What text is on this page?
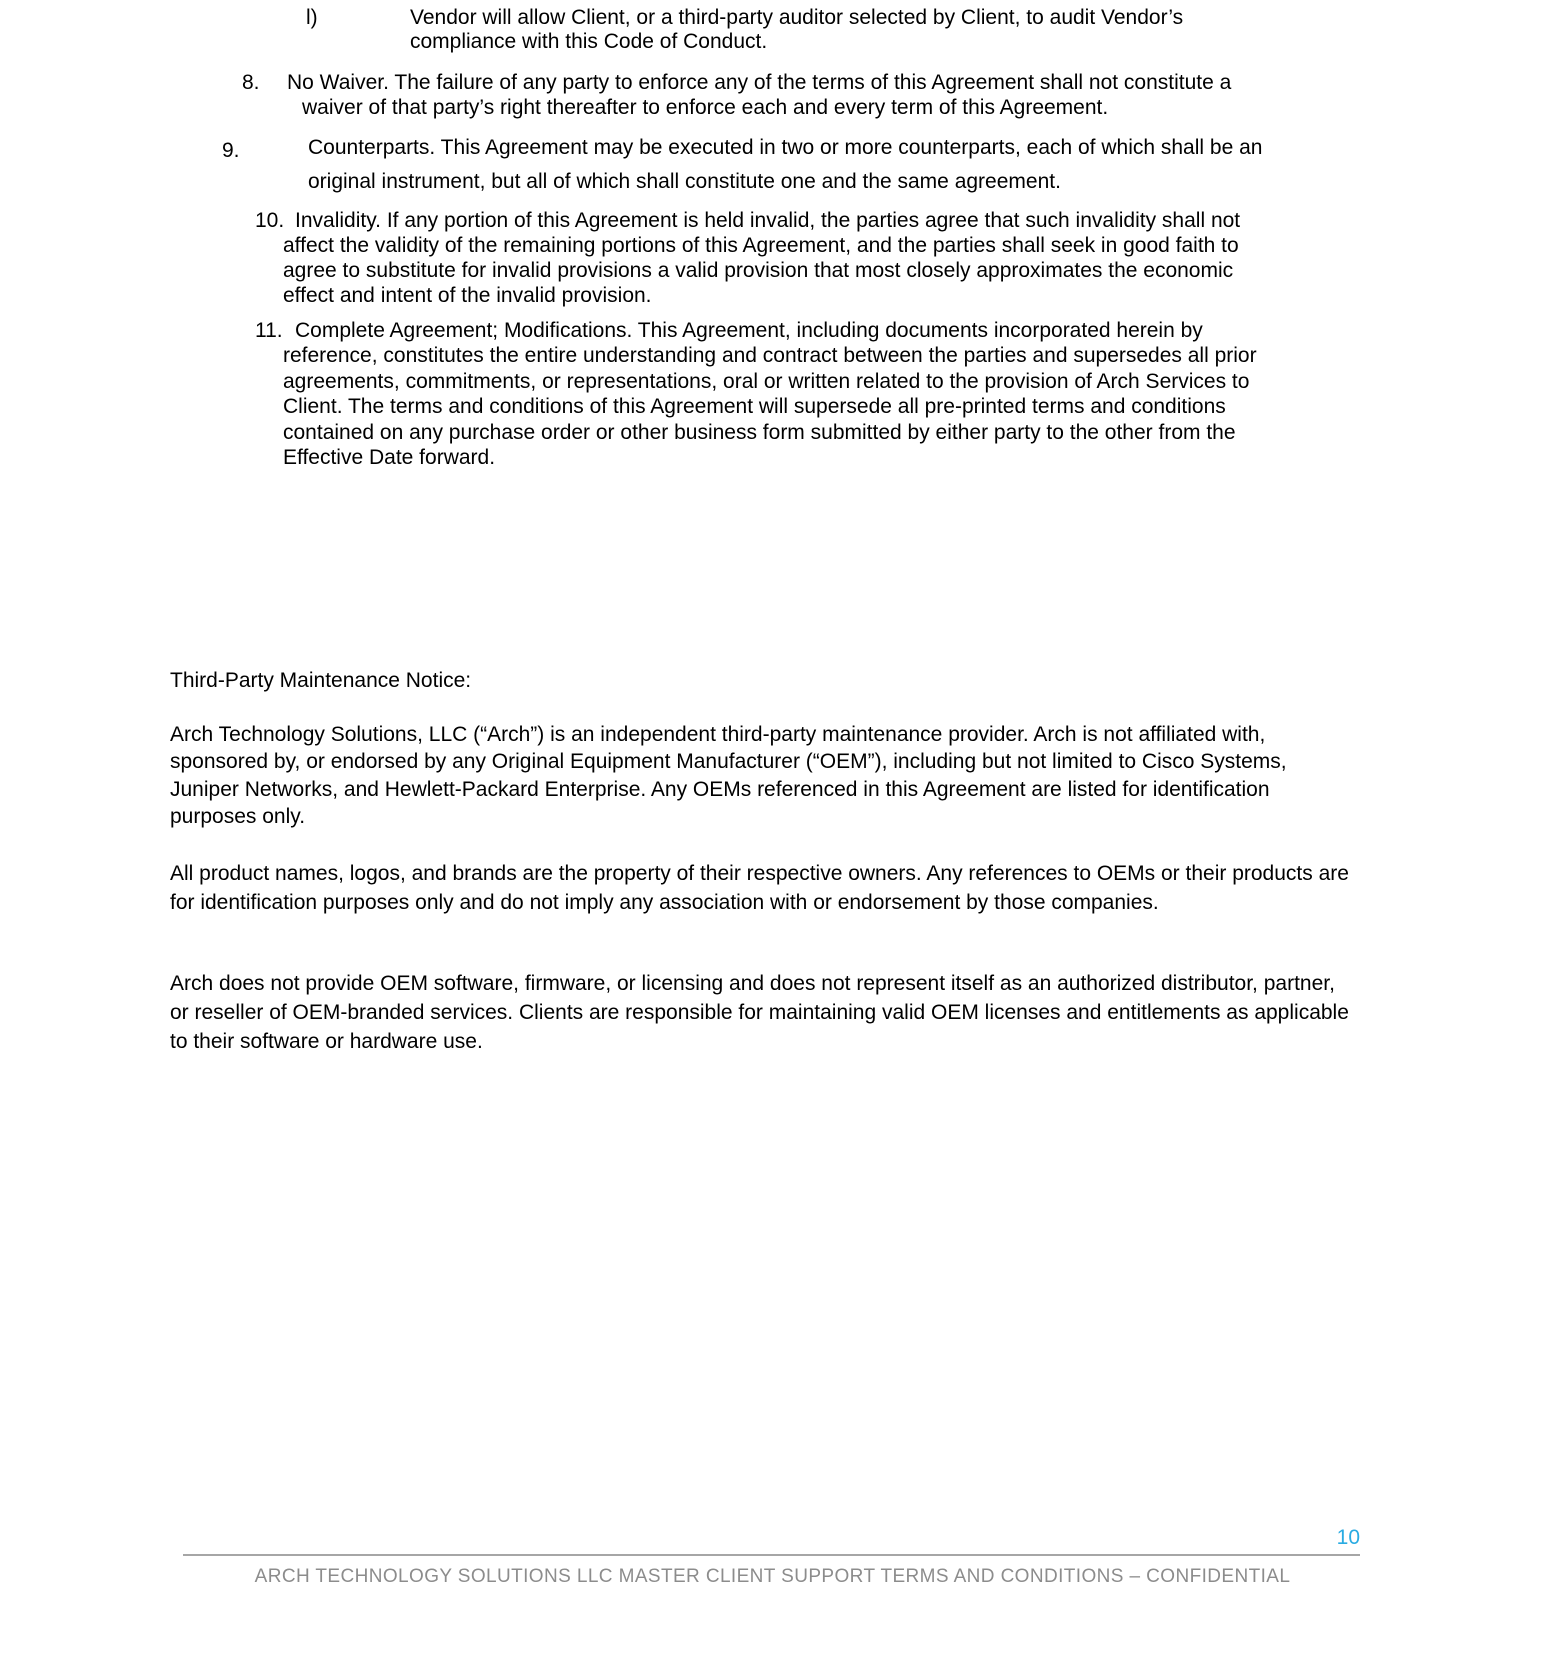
l)	Vendor will allow Client, or a third-party auditor selected by Client, to audit Vendor’s compliance with this Code of Conduct.
8. No Waiver. The failure of any party to enforce any of the terms of this Agreement shall not constitute a waiver of that party’s right thereafter to enforce each and every term of this Agreement.
9.	Counterparts. This Agreement may be executed in two or more counterparts, each of which shall be an original instrument, but all of which shall constitute one and the same agreement.
10. Invalidity. If any portion of this Agreement is held invalid, the parties agree that such invalidity shall not affect the validity of the remaining portions of this Agreement, and the parties shall seek in good faith to agree to substitute for invalid provisions a valid provision that most closely approximates the economic effect and intent of the invalid provision.
11. Complete Agreement; Modifications. This Agreement, including documents incorporated herein by reference, constitutes the entire understanding and contract between the parties and supersedes all prior agreements, commitments, or representations, oral or written related to the provision of Arch Services to Client. The terms and conditions of this Agreement will supersede all pre-printed terms and conditions contained on any purchase order or other business form submitted by either party to the other from the Effective Date forward.
Third-Party Maintenance Notice:
Arch Technology Solutions, LLC (“Arch”) is an independent third-party maintenance provider. Arch is not affiliated with, sponsored by, or endorsed by any Original Equipment Manufacturer (“OEM”), including but not limited to Cisco Systems, Juniper Networks, and Hewlett-Packard Enterprise. Any OEMs referenced in this Agreement are listed for identification purposes only.
All product names, logos, and brands are the property of their respective owners. Any references to OEMs or their products are for identification purposes only and do not imply any association with or endorsement by those companies.
Arch does not provide OEM software, firmware, or licensing and does not represent itself as an authorized distributor, partner, or reseller of OEM-branded services. Clients are responsible for maintaining valid OEM licenses and entitlements as applicable to their software or hardware use.
10
ARCH TECHNOLOGY SOLUTIONS LLC MASTER CLIENT SUPPORT TERMS AND CONDITIONS – CONFIDENTIAL
